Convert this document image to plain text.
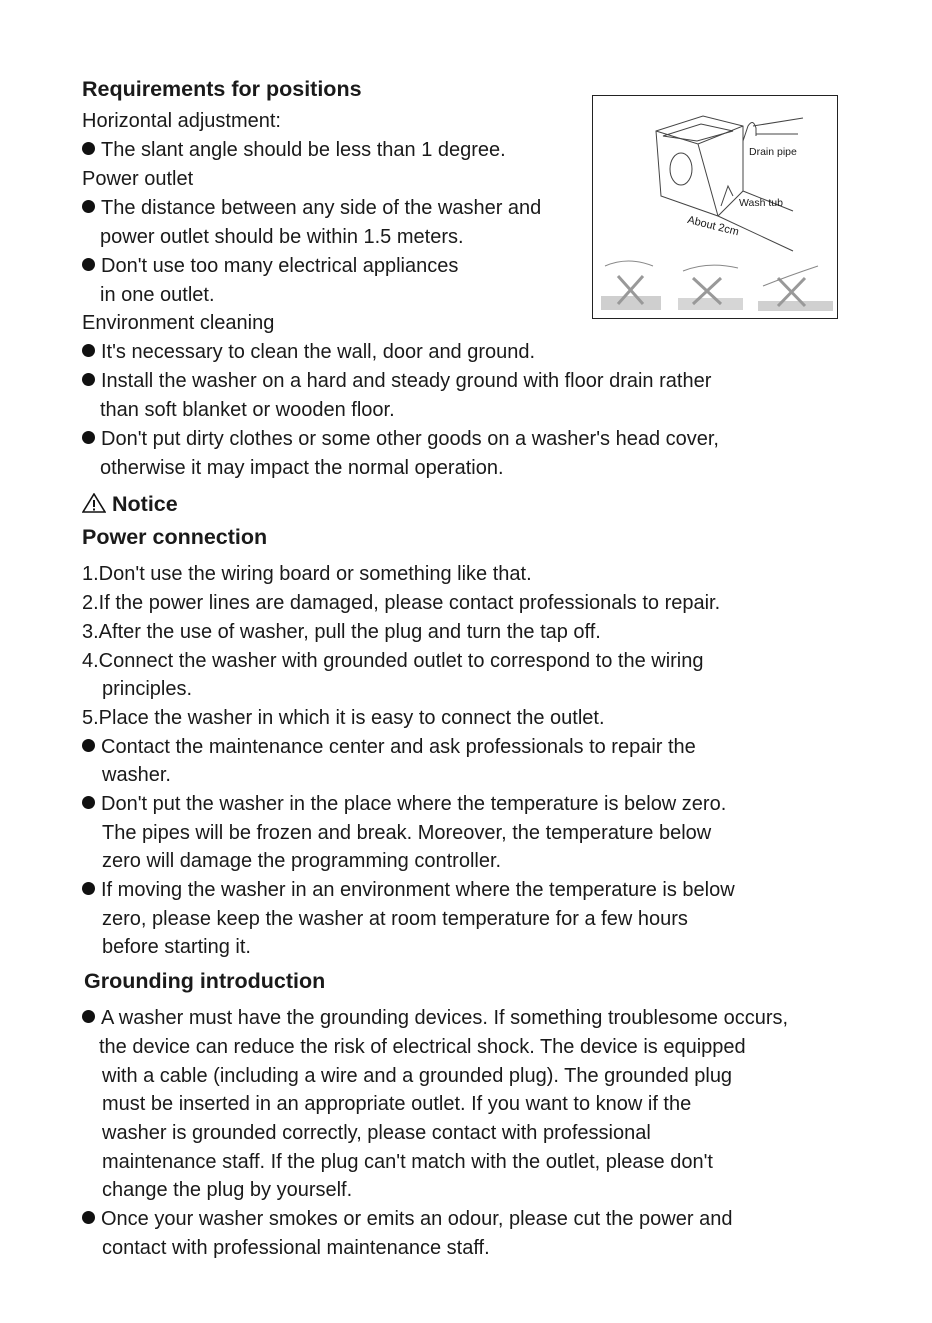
Requirements for positions
Horizontal adjustment:
The slant angle should be less than 1 degree.
Power outlet
The distance between any side of the washer and
power outlet should be within 1.5 meters.
Don't use too many electrical appliances
in one outlet.
Environment cleaning
It's necessary to clean the wall, door and ground.
Install the washer on a hard and steady ground with floor drain rather
than soft blanket or wooden floor.
Don't put dirty clothes or some other goods on a washer's head cover,
otherwise it may impact the normal operation.
Drain pipe
Wash tub
About 2cm
Notice
Power connection
1.Don't use the wiring board or something like that.
2.If the power lines are damaged, please contact professionals to repair.
3.After the use of washer, pull the plug and turn the tap off.
4.Connect the washer with grounded outlet to correspond to the wiring
principles.
5.Place the washer in which it is easy to connect the outlet.
Contact the maintenance center and ask professionals to repair the
washer.
Don't put the washer in the place where the temperature is below zero.
The pipes will be frozen and break. Moreover, the temperature below
zero will damage the programming controller.
If moving the washer in an environment where the temperature is below
zero, please keep the washer at room temperature for a few hours
before starting it.
Grounding introduction
A washer must have the grounding devices. If something troublesome occurs,
the device can reduce the risk of electrical shock. The device is equipped
with a cable (including a wire and a grounded plug). The grounded plug
must be inserted in an appropriate outlet. If you want to know if the
washer is grounded correctly, please contact with professional
maintenance staff. If the plug can't match with the outlet, please don't
change the plug by yourself.
Once your washer smokes or emits an odour, please cut the power and
contact with professional maintenance staff.
